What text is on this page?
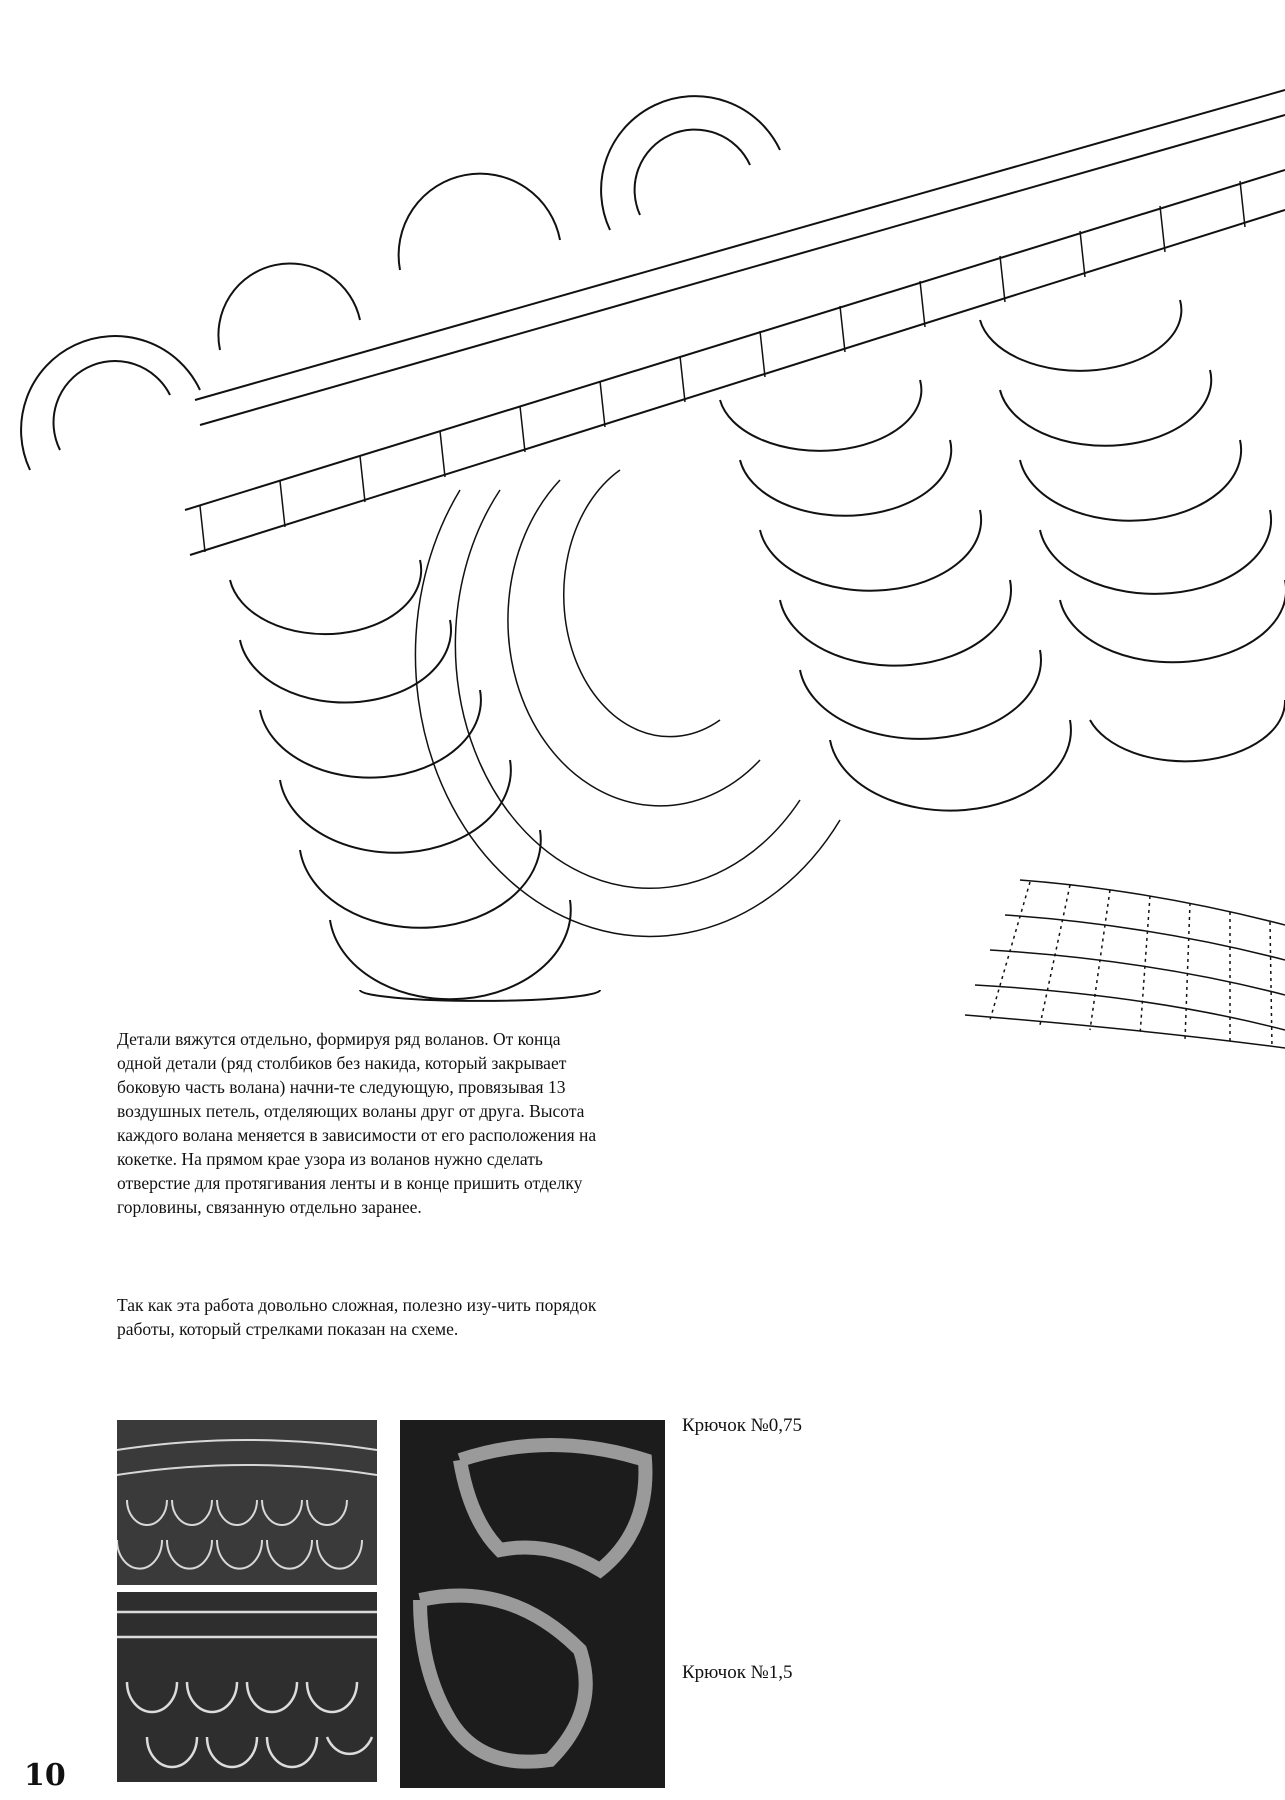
Детали вяжутся отдельно, формируя ряд воланов. От конца одной детали (ряд столбиков без накида, который закрывает боковую часть волана) начни-те следующую, провязывая 13 воздушных петель, отделяющих воланы друг от друга. Высота каждого волана меняется в зависимости от его расположения на кокетке. На прямом крае узора из воланов нужно сделать отверстие для протягивания ленты и в конце пришить отделку горловины, связанную отдельно заранее.
Так как эта работа довольно сложная, полезно изу-чить порядок работы, который стрелками показан на схеме.
Крючок №0,75
Крючок №1,5
10
